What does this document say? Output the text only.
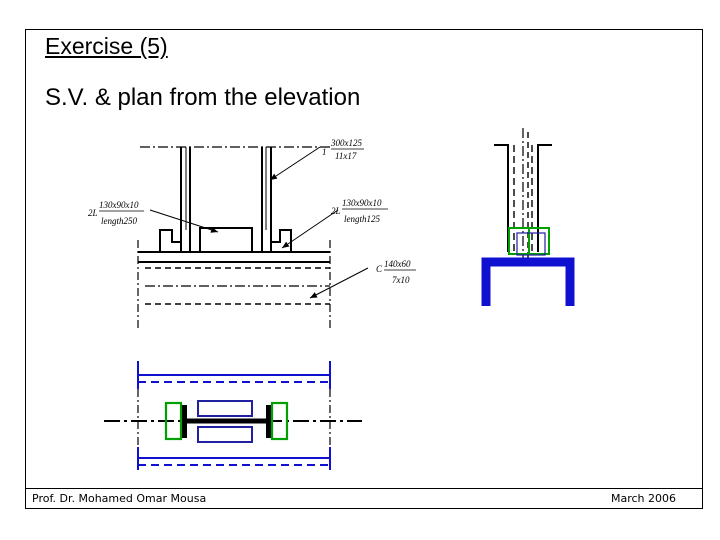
Exercise (5)
S.V. & plan from the elevation
1
300x125
11x17
2L
130x90x10
length250
2L
130x90x10
length125
C 140x60
7x10
Prof. Dr. Mohamed Omar Mousa	March 2006
